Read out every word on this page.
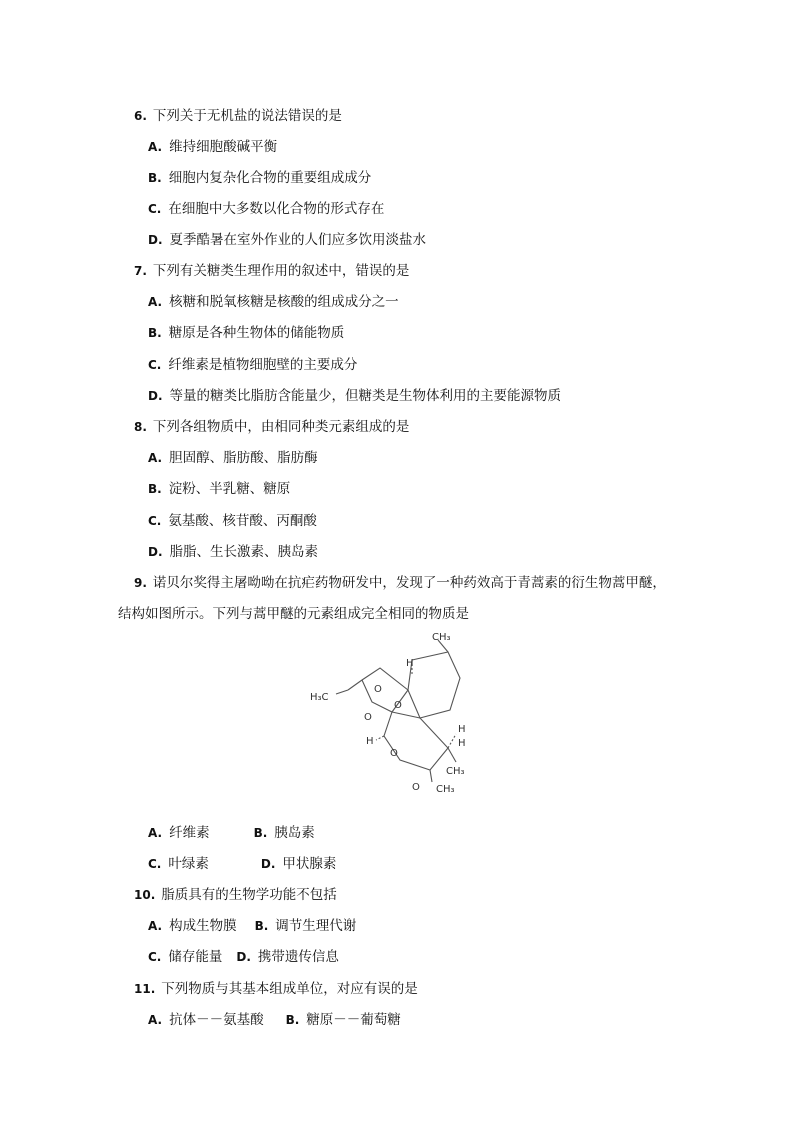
6. 下列关于无机盐的说法错误的是
A. 维持细胞酸碱平衡
B. 细胞内复杂化合物的重要组成成分
C. 在细胞中大多数以化合物的形式存在
D. 夏季酷暑在室外作业的人们应多饮用淡盐水
7. 下列有关糖类生理作用的叙述中，错误的是
A. 核糖和脱氧核糖是核酸的组成成分之一
B. 糖原是各种生物体的储能物质
C. 纤维素是植物细胞壁的主要成分
D. 等量的糖类比脂肪含能量少，但糖类是生物体利用的主要能源物质
8. 下列各组物质中，由相同种类元素组成的是
A. 胆固醇、脂肪酸、脂肪酶
B. 淀粉、半乳糖、糖原
C. 氨基酸、核苷酸、丙酮酸
D. 脂脂、生长激素、胰岛素
9. 诺贝尔奖得主屠呦呦在抗疟药物研发中，发现了一种药效高于青蒿素的衍生物蒿甲醚，
结构如图所示。下列与蒿甲醚的元素组成完全相同的物质是
CH₃
H
H₃C
O
O
O
H
O
H
H
CH₃
O CH₃
A. 纤维素	B. 胰岛素
C. 叶绿素	D. 甲状腺素
10. 脂质具有的生物学功能不包括
A. 构成生物膜 B. 调节生理代谢
C. 储存能量 D. 携带遗传信息
11. 下列物质与其基本组成单位，对应有误的是
A. 抗体－－氨基酸 B. 糖原－－葡萄糖
